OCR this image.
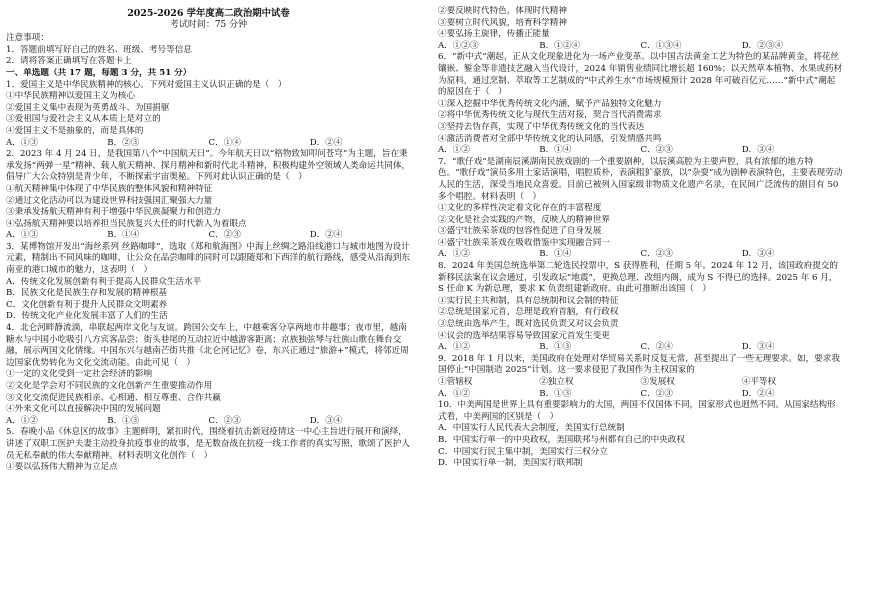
2025-2026 学年度高二政治期中试卷
考试时间：75 分钟
注意事项：
1．答题前填写好自己的姓名、班级、考号等信息
2．请将答案正确填写在答题卡上
一、单选题（共 17 题，每题 3 分，共 51 分）
1．爱国主义是中华民族精神的核心。下列对爱国主义认识正确的是（　）
①中华民族精神以爱国主义为核心
②爱国主义集中表现为英勇战斗、为国捐躯
③爱祖国与爱社会主义从本质上是对立的
④爱国主义不是抽象的，而是具体的
A．①③	B．②③	C．①④	D．②④
2．2023 年 4 月 24 日，是我国第八个“中国航天日”。今年航天日以“格物致知叩问苍穹”为主题，旨在秉承发扬“两弹一星”精神、载人航天精神、探月精神和新时代北斗精神，积极构建外空领域人类命运共同体，倡导广大公众特别是青少年，不断探索宇宙奥秘。下列对此认识正确的是（　）
①航天精神集中体现了中华民族的整体风貌和精神特征
②通过文化活动可以为建设世界科技强国汇聚强大力量
③秉承发扬航天精神有利于增强中华民族凝聚力和创造力
④弘扬航天精神要以培养担当民族复兴大任的时代新人为着眼点
A．①③	B．①④	C．②③	D．②④
3．某博物馆开发出“海丝系列 丝路咖啡”，选取《郑和航海图》中海上丝绸之路沿线港口与城市地图为设计元素，精制出不同风味的咖啡，让公众在品尝咖啡的同时可以跟随郑和下西洋的航行路线，感受从沿海到东南亚的港口城市的魅力，这表明（　）
A．传统文化发展创新有利于提高人民群众生活水平
B．民族文化是民族生存和发展的精神根基
C．文化创新有利于提升人民群众文明素养
D．传统文化产业化发展丰富了人们的生活
4．北仑河畔静流淌，串联起两岸文化与友谊。跨国公交车上，中越乘客分享两地市井趣事；夜市里，越南糖水与中国小吃吸引八方宾客品尝；街头巷尾的互动拉近中越游客距离；京族独弦琴与壮族山歌在舞台交融，展示两国文化情缘。中国东兴与越南芒街共推《北仑河记忆》卷，东兴正通过“旅游+”模式，将邻近周边国家优势转化为文化交流动能。由此可见（　）
①一定的文化受到一定社会经济的影响
②文化是学会对不同民族的文化创新产生重要推动作用
③文化交流促进民族相亲、心相通、相互尊重、合作共赢
④外来文化可以直接解决中国的发展问题
A．①②	B．①③	C．②③	D．③④
5．春晚小品《休息区的故事》主题鲜明，紧扣时代，围绕着抗击新冠疫情这一中心主旨进行展开和演绎，讲述了双职工医护夫妻主动投身抗疫事业的故事，是无数奋战在抗疫一线工作者的真实写照，歌颂了医护人员无私奉献的伟大奉献精神。材料表明文化创作（　）
①要以弘扬伟大精神为立足点
②要反映时代特色，体现时代精神
③要树立时代风貌，培育科学精神
④要弘扬主旋律，传播正能量
A．①②③	B．①②④	C．①③④	D．②③④
6．“新中式”潮起，正从文化现象进化为一场产业变革。以中国古法黄金工艺为特色的某品牌黄金，将花丝镶嵌、錾金等非遗技艺融入当代设计，2024 年销售业绩同比增长超 160%；以天然草本植物、水果或药材为原料，通过烹制、萃取等工艺制成的“中式养生水”市场规模预计 2028 年可破百亿元……“新中式”潮起的原因在于（　）
①深入挖掘中华优秀传统文化内涵，赋予产品独特文化魅力
②将中华优秀传统文化与现代生活对接，契合当代消费需求
③坚持去伪存真，实现了中华优秀传统文化的当代表达
④激活消费者对全部中华传统文化的认同感，引发情感共鸣
A．①②	B．①④	C．②③	D．③④
7．“歌仔戏”是湖南辰溪湖南民族戏剧的一个重要剧种，以辰溪高腔为主要声腔，具有浓郁的地方特色。“歌仔戏”演员多用土家话演唱，唱腔质朴，表演粗犷豪放，以“杂耍”成为剧种表演特色，主要表现劳动人民的生活，深受当地民众喜爱。目前已被列入国家级非物质文化遗产名录，在民间广泛流传的剧目有 50 多个唱腔。材料表明（　）
①文化的多样性决定着文化存在的丰富程度
②文化是社会实践的产物，反映人的精神世界
③盛宁壮族采茶戏的包容性促进了自身发展
④盛宁壮族采茶戏在吸收借鉴中实现融合同一
A．①②	B．①④	C．②③	D．③④
8．2024 年美国总统选举第二轮选民投票中，S 获得胜利，任期 5 年。2024 年 12 月，该国政府提交的新移民法案在议会通过，引发政坛“地震”，更换总理、改组内阁，成为 S 不得已的选择。2025 年 6 月，S 任命 K 为新总理，要求 K 负责组建新政府。由此可推断出该国（　）
①实行民主共和制，具有总统制和议会制的特征
②总统是国家元首，总理是政府首脑，有行政权
③总统由选举产生，既对选民负责又对议会负责
④议会的选举结果容易导致国家元首发生变更
A．①②	B．①③	C．②④	D．③④
9．2018 年 1 月以来，美国政府在处理对华贸易关系时反复无常，甚至提出了一些无理要求。如，要求我国停止“中国制造 2025”计划。这一要求侵犯了我国作为主权国家的
①管辖权	②独立权	③发展权	④平等权
A．①②	B．①③	C．②③	D．②④
10．中美两国是世界上具有重要影响力的大国，两国不仅国体不同，国家形式也迥然不同。从国家结构形式看，中美两国的区别是（　）
A．中国实行人民代表大会制度，美国实行总统制
B．中国实行单一的中央政权，美国联邦与州都有自己的中央政权
C．中国实行民主集中制，美国实行三权分立
D．中国实行单一制，美国实行联邦制
